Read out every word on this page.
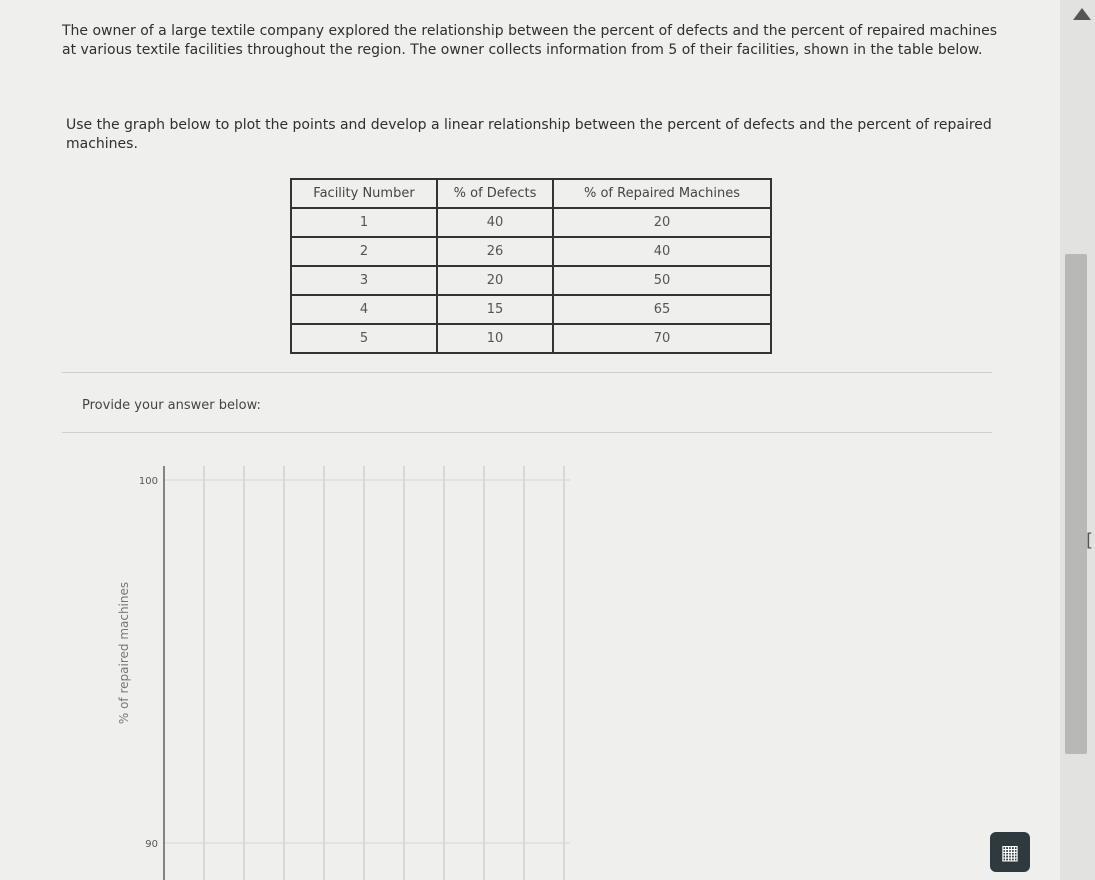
The owner of a large textile company explored the relationship between the percent of defects and the percent of repaired machines at various textile facilities throughout the region. The owner collects information from 5 of their facilities, shown in the table below.

Use the graph below to plot the points and develop a linear relationship between the percent of defects and the percent of repaired machines.

Facility Number	% of Defects	% of Repaired Machines
1	40	20
2	26	40
3	20	50
4	15	65
5	10	70
Provide your answer below:
100
90
% of repaired machines
[
▦
